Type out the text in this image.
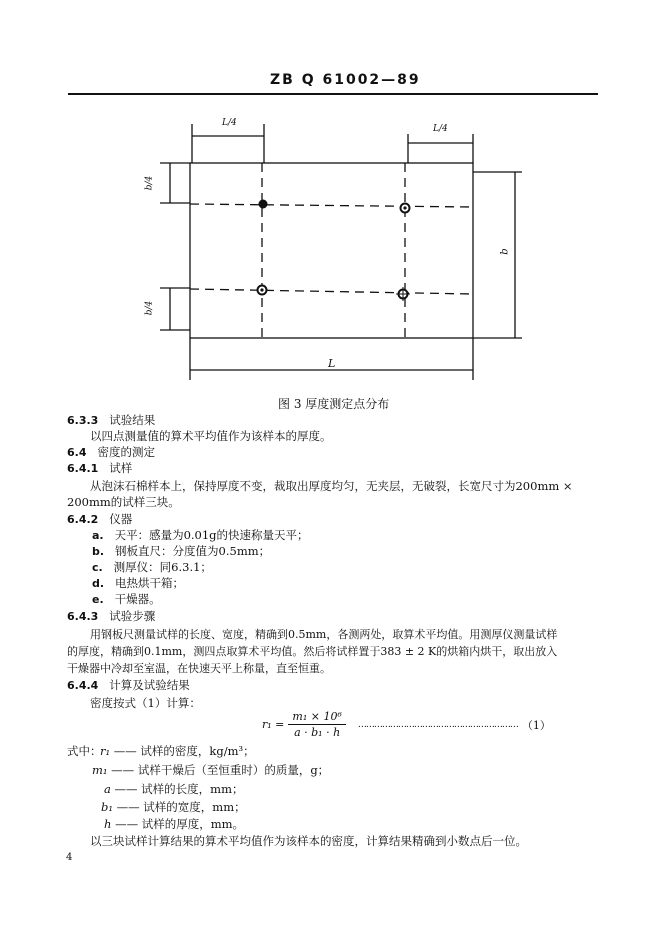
ZB Q 61002—89
L/4
L/4
b/4
b/4
b
L
图 3 厚度测定点分布
6.3.3 试验结果
以四点测量值的算术平均值作为该样本的厚度。
6.4 密度的测定
6.4.1 试样
从泡沫石棉样本上，保持厚度不变，裁取出厚度均匀，无夹层，无破裂，长宽尺寸为200mm ×
200mm的试样三块。
6.4.2 仪器
a. 天平：感量为0.01g的快速称量天平；
b. 钢板直尺：分度值为0.5mm；
c. 测厚仪：同6.3.1；
d. 电热烘干箱；
e. 干燥器。
6.4.3 试验步骤
用钢板尺测量试样的长度、宽度，精确到0.5mm，各测两处，取算术平均值。用测厚仪测量试样
的厚度，精确到0.1mm，测四点取算术平均值。然后将试样置于383 ± 2 K的烘箱内烘干，取出放入
干燥器中冷却至室温，在快速天平上称量，直至恒重。
6.4.4 计算及试验结果
密度按式（1）计算：
$r_1 = \frac{\text{m₁ × 10⁶}}{\text{a · b₁ · h}}$ …………………………………………………… （1）
式中：
r₁ —— 试样的密度，kg/m³；
m₁ —— 试样干燥后（至恒重时）的质量，g；
a —— 试样的长度，mm；
b₁ —— 试样的宽度，mm；
h —— 试样的厚度，mm。
以三块试样计算结果的算术平均值作为该样本的密度，计算结果精确到小数点后一位。
4
